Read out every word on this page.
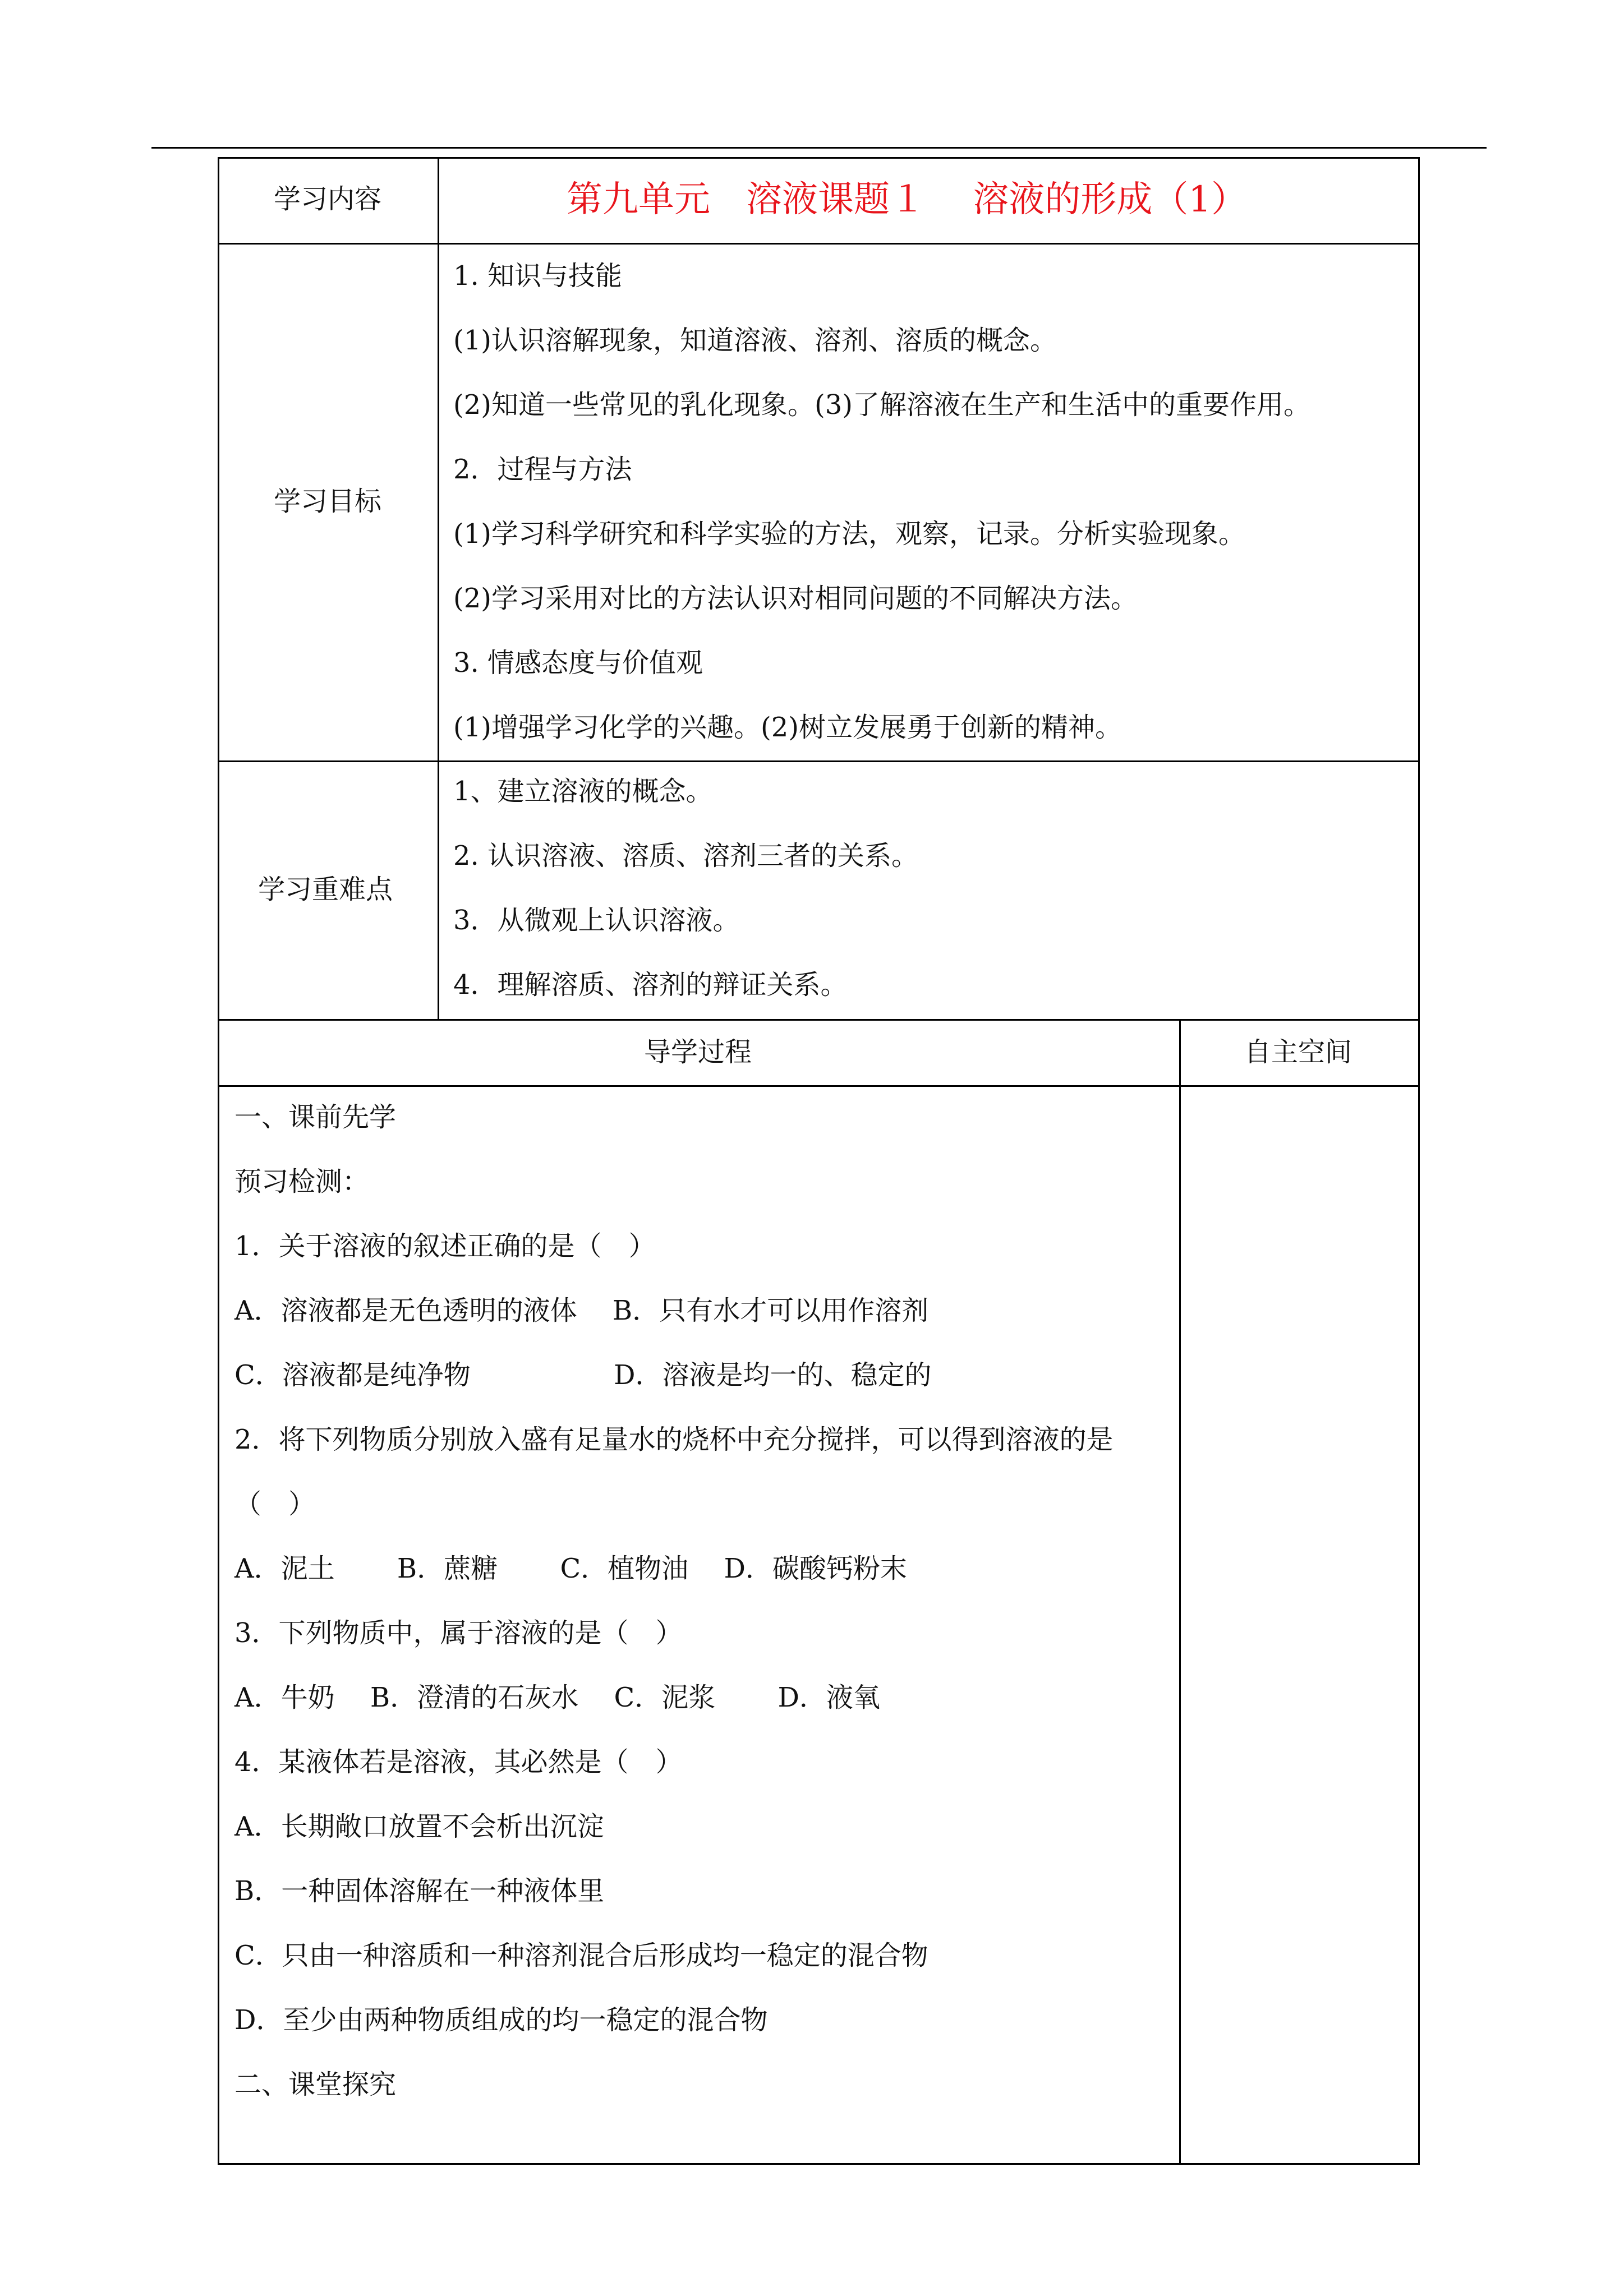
学习内容	第九单元　溶液课题１　 溶液的形成（1）
学习目标
1. 知识与技能
(1)认识溶解现象，知道溶液、溶剂、溶质的概念。
(2)知道一些常见的乳化现象。(3)了解溶液在生产和生活中的重要作用。
2．过程与方法
(1)学习科学研究和科学实验的方法，观察，记录。分析实验现象。
(2)学习采用对比的方法认识对相同问题的不同解决方法。
3. 情感态度与价值观
(1)增强学习化学的兴趣。(2)树立发展勇于创新的精神。
学习重难点
1、建立溶液的概念。
2. 认识溶液、溶质、溶剂三者的关系。
3．从微观上认识溶液。
4．理解溶质、溶剂的辩证关系。
导学过程	自主空间
一、课前先学
预习检测：
1．关于溶液的叙述正确的是（　）
A．溶液都是无色透明的液体　 B．只有水才可以用作溶剂
C．溶液都是纯净物　　　　　 D．溶液是均一的、稳定的
2．将下列物质分别放入盛有足量水的烧杯中充分搅拌，可以得到溶液的是
（　）
A．泥土　　 B．蔗糖　　 C．植物油　 D．碳酸钙粉末
3．下列物质中，属于溶液的是（　）
A．牛奶　 B．澄清的石灰水　 C．泥浆　　 D．液氧
4．某液体若是溶液，其必然是（　）
A．长期敞口放置不会析出沉淀
B．一种固体溶解在一种液体里
C．只由一种溶质和一种溶剂混合后形成均一稳定的混合物
D．至少由两种物质组成的均一稳定的混合物
二、课堂探究
